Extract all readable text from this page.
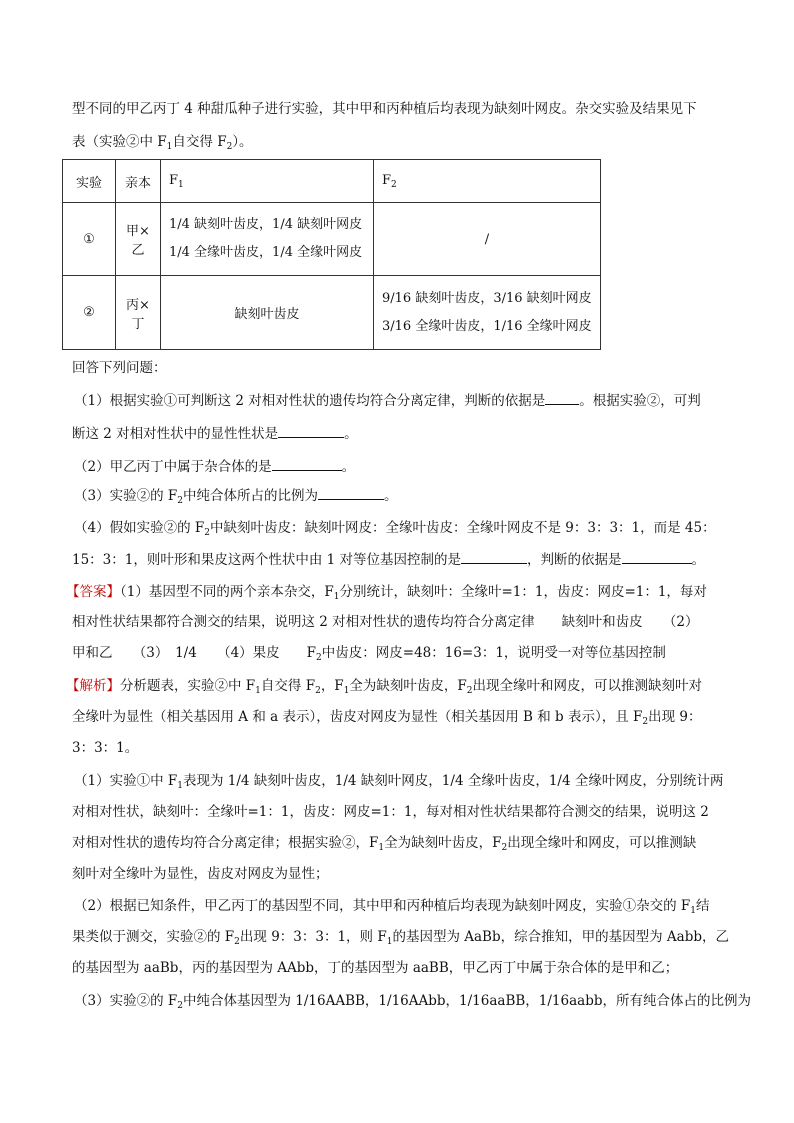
型不同的甲乙丙丁 4 种甜瓜种子进行实验，其中甲和丙种植后均表现为缺刻叶网皮。杂交实验及结果见下
表（实验②中 $F_1$自交得 $F_2$）。
实验	亲本	$F_1$	$F_2$
①	甲×乙	1/4 缺刻叶齿皮，1/4 缺刻叶网皮
1/4 全缘叶齿皮，1/4 全缘叶网皮	/
②	丙×丁	缺刻叶齿皮	9/16 缺刻叶齿皮，3/16 缺刻叶网皮
3/16 全缘叶齿皮，1/16 全缘叶网皮
回答下列问题：
（1）根据实验①可判断这 2 对相对性状的遗传均符合分离定律，判断的依据是	。根据实验②，可判
断这 2 对相对性状中的显性性状是	。
（2）甲乙丙丁中属于杂合体的是	。
（3）实验②的 $F_2$中纯合体所占的比例为	。
（4）假如实验②的 $F_2$中缺刻叶齿皮：缺刻叶网皮：全缘叶齿皮：全缘叶网皮不是 9：3：3：1，而是 45：
15：3：1，则叶形和果皮这两个性状中由 1 对等位基因控制的是	，判断的依据是	。
【答案】（1）基因型不同的两个亲本杂交，$F_1$分别统计，缺刻叶：全缘叶=1：1，齿皮：网皮=1：1，每对
相对性状结果都符合测交的结果，说明这 2 对相对性状的遗传均符合分离定律　　缺刻叶和齿皮　　（2）
甲和乙　　（3）　1/4　　（4）果皮　　$F_2$中齿皮：网皮=48：16=3：1，说明受一对等位基因控制
【解析】分析题表，实验②中 $F_1$自交得 $F_2$，$F_1$全为缺刻叶齿皮，$F_2$出现全缘叶和网皮，可以推测缺刻叶对
全缘叶为显性（相关基因用 A 和 a 表示），齿皮对网皮为显性（相关基因用 B 和 b 表示），且 $F_2$出现 9：
3：3：1。
（1）实验①中 $F_1$表现为 1/4 缺刻叶齿皮，1/4 缺刻叶网皮，1/4 全缘叶齿皮，1/4 全缘叶网皮，分别统计两
对相对性状，缺刻叶：全缘叶=1：1，齿皮：网皮=1：1，每对相对性状结果都符合测交的结果，说明这 2
对相对性状的遗传均符合分离定律；根据实验②，$F_1$全为缺刻叶齿皮，$F_2$出现全缘叶和网皮，可以推测缺
刻叶对全缘叶为显性，齿皮对网皮为显性；
（2）根据已知条件，甲乙丙丁的基因型不同，其中甲和丙种植后均表现为缺刻叶网皮，实验①杂交的 $F_1$结
果类似于测交，实验②的 $F_2$出现 9：3：3：1，则 $F_1$的基因型为 AaBb，综合推知，甲的基因型为 Aabb，乙
的基因型为 aaBb，丙的基因型为 AAbb，丁的基因型为 aaBB，甲乙丙丁中属于杂合体的是甲和乙；
（3）实验②的 $F_2$中纯合体基因型为 1/16AABB，1/16AAbb，1/16aaBB，1/16aabb，所有纯合体占的比例为
